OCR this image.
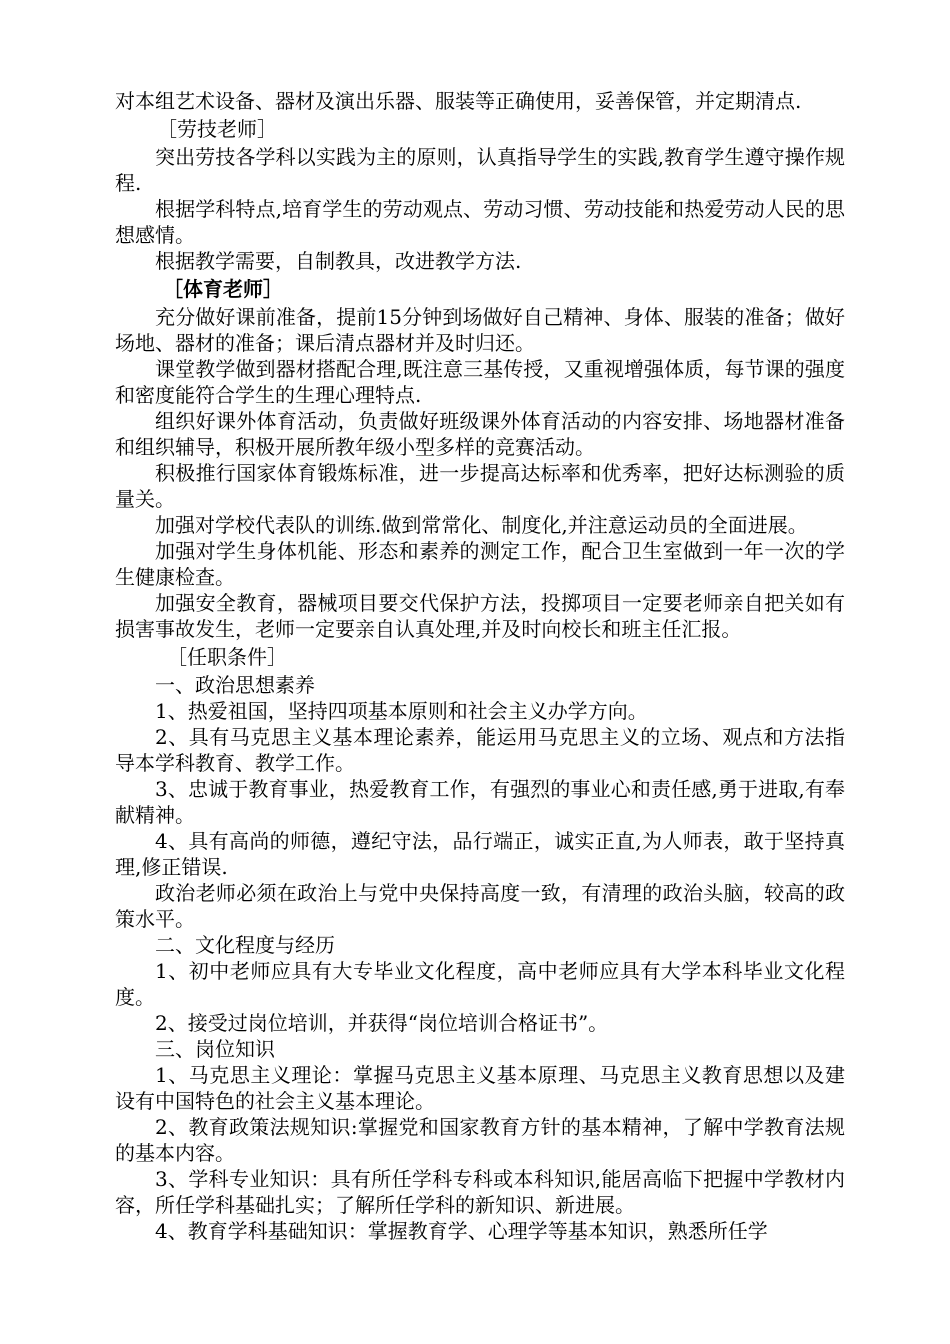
对本组艺术设备、器材及演出乐器、服装等正确使用，妥善保管，并定期清点.
［劳技老师］
突出劳技各学科以实践为主的原则，认真指导学生的实践,教育学生遵守操作规程.
根据学科特点,培育学生的劳动观点、劳动习惯、劳动技能和热爱劳动人民的思想感情。
根据教学需要，自制教具，改进教学方法.
［体育老师］
充分做好课前准备，提前15分钟到场做好自己精神、身体、服装的准备；做好场地、器材的准备；课后清点器材并及时归还。
课堂教学做到器材搭配合理,既注意三基传授，又重视增强体质，每节课的强度和密度能符合学生的生理心理特点.
组织好课外体育活动，负责做好班级课外体育活动的内容安排、场地器材准备和组织辅导，积极开展所教年级小型多样的竞赛活动。
积极推行国家体育锻炼标准，进一步提高达标率和优秀率，把好达标测验的质量关。
加强对学校代表队的训练.做到常常化、制度化,并注意运动员的全面进展。
加强对学生身体机能、形态和素养的测定工作，配合卫生室做到一年一次的学生健康检查。
加强安全教育，器械项目要交代保护方法，投掷项目一定要老师亲自把关如有损害事故发生，老师一定要亲自认真处理,并及时向校长和班主任汇报。
［任职条件］
一、政治思想素养
1、热爱祖国，坚持四项基本原则和社会主义办学方向。
2、具有马克思主义基本理论素养，能运用马克思主义的立场、观点和方法指导本学科教育、教学工作。
3、忠诚于教育事业，热爱教育工作，有强烈的事业心和责任感,勇于进取,有奉献精神。
4、具有高尚的师德，遵纪守法，品行端正，诚实正直,为人师表，敢于坚持真理,修正错误.
政治老师必须在政治上与党中央保持高度一致，有清理的政治头脑，较高的政策水平。
二、文化程度与经历
1、初中老师应具有大专毕业文化程度，高中老师应具有大学本科毕业文化程度。
2、接受过岗位培训，并获得“岗位培训合格证书”。
三、岗位知识
1、马克思主义理论：掌握马克思主义基本原理、马克思主义教育思想以及建设有中国特色的社会主义基本理论。
2、教育政策法规知识:掌握党和国家教育方针的基本精神，了解中学教育法规的基本内容。
3、学科专业知识：具有所任学科专科或本科知识,能居高临下把握中学教材内容，所任学科基础扎实；了解所任学科的新知识、新进展。
4、教育学科基础知识：掌握教育学、心理学等基本知识，熟悉所任学
